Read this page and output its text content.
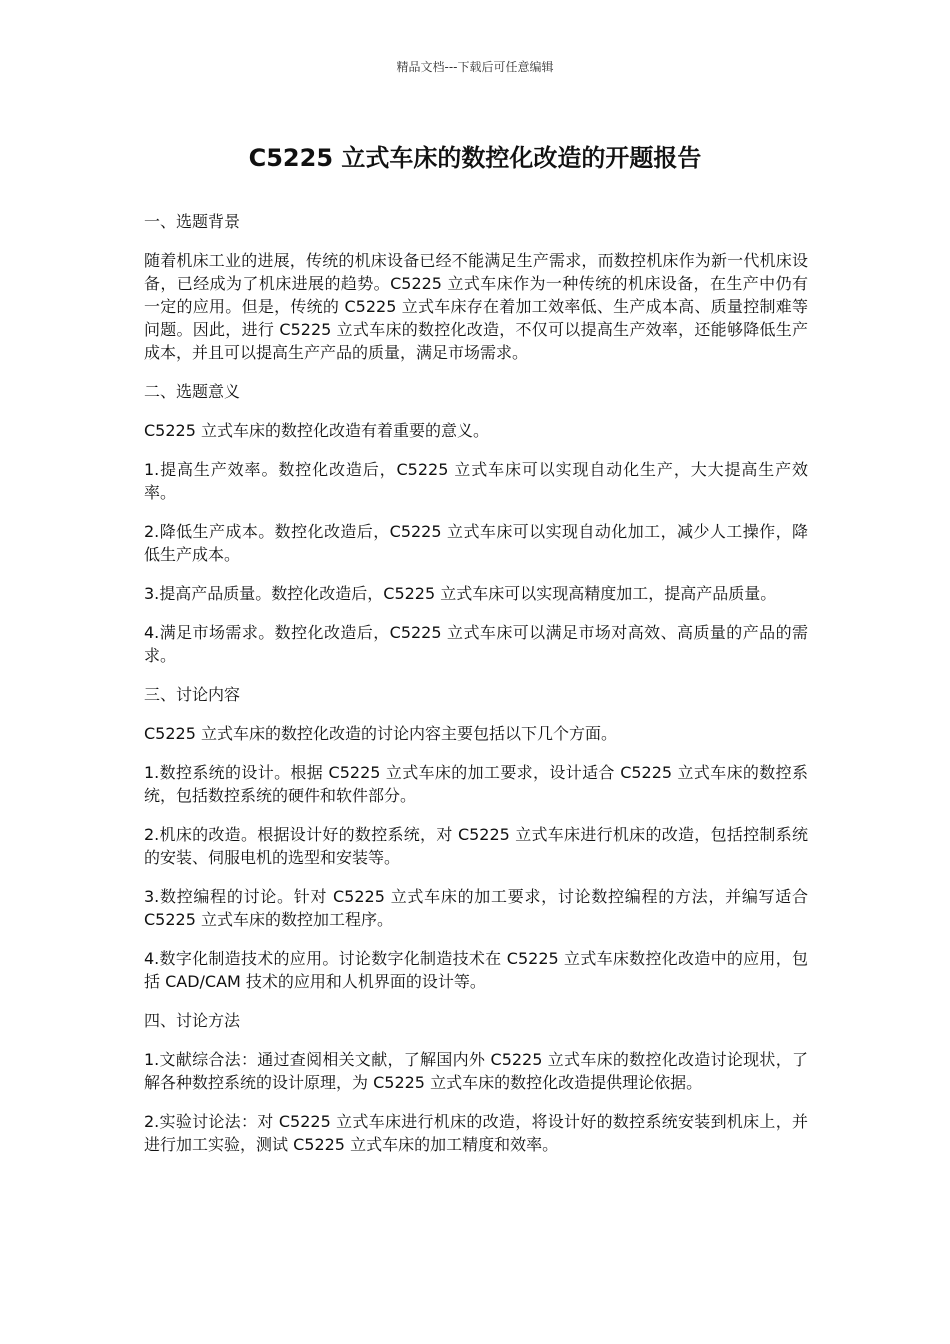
精品文档---下载后可任意编辑
C5225 立式车床的数控化改造的开题报告

一、选题背景

随着机床工业的进展，传统的机床设备已经不能满足生产需求，而数控机床作为新一代机床设备，已经成为了机床进展的趋势。C5225 立式车床作为一种传统的机床设备，在生产中仍有一定的应用。但是，传统的 C5225 立式车床存在着加工效率低、生产成本高、质量控制难等问题。因此，进行 C5225 立式车床的数控化改造，不仅可以提高生产效率，还能够降低生产成本，并且可以提高生产产品的质量，满足市场需求。

二、选题意义

C5225 立式车床的数控化改造有着重要的意义。

1.提高生产效率。数控化改造后，C5225 立式车床可以实现自动化生产，大大提高生产效率。

2.降低生产成本。数控化改造后，C5225 立式车床可以实现自动化加工，减少人工操作，降低生产成本。

3.提高产品质量。数控化改造后，C5225 立式车床可以实现高精度加工，提高产品质量。

4.满足市场需求。数控化改造后，C5225 立式车床可以满足市场对高效、高质量的产品的需求。

三、讨论内容

C5225 立式车床的数控化改造的讨论内容主要包括以下几个方面。

1.数控系统的设计。根据 C5225 立式车床的加工要求，设计适合 C5225 立式车床的数控系统，包括数控系统的硬件和软件部分。

2.机床的改造。根据设计好的数控系统，对 C5225 立式车床进行机床的改造，包括控制系统的安装、伺服电机的选型和安装等。

3.数控编程的讨论。针对 C5225 立式车床的加工要求，讨论数控编程的方法，并编写适合 C5225 立式车床的数控加工程序。

4.数字化制造技术的应用。讨论数字化制造技术在 C5225 立式车床数控化改造中的应用，包括 CAD/CAM 技术的应用和人机界面的设计等。

四、讨论方法

1.文献综合法：通过查阅相关文献，了解国内外 C5225 立式车床的数控化改造讨论现状，了解各种数控系统的设计原理，为 C5225 立式车床的数控化改造提供理论依据。

2.实验讨论法：对 C5225 立式车床进行机床的改造，将设计好的数控系统安装到机床上，并进行加工实验，测试 C5225 立式车床的加工精度和效率。
